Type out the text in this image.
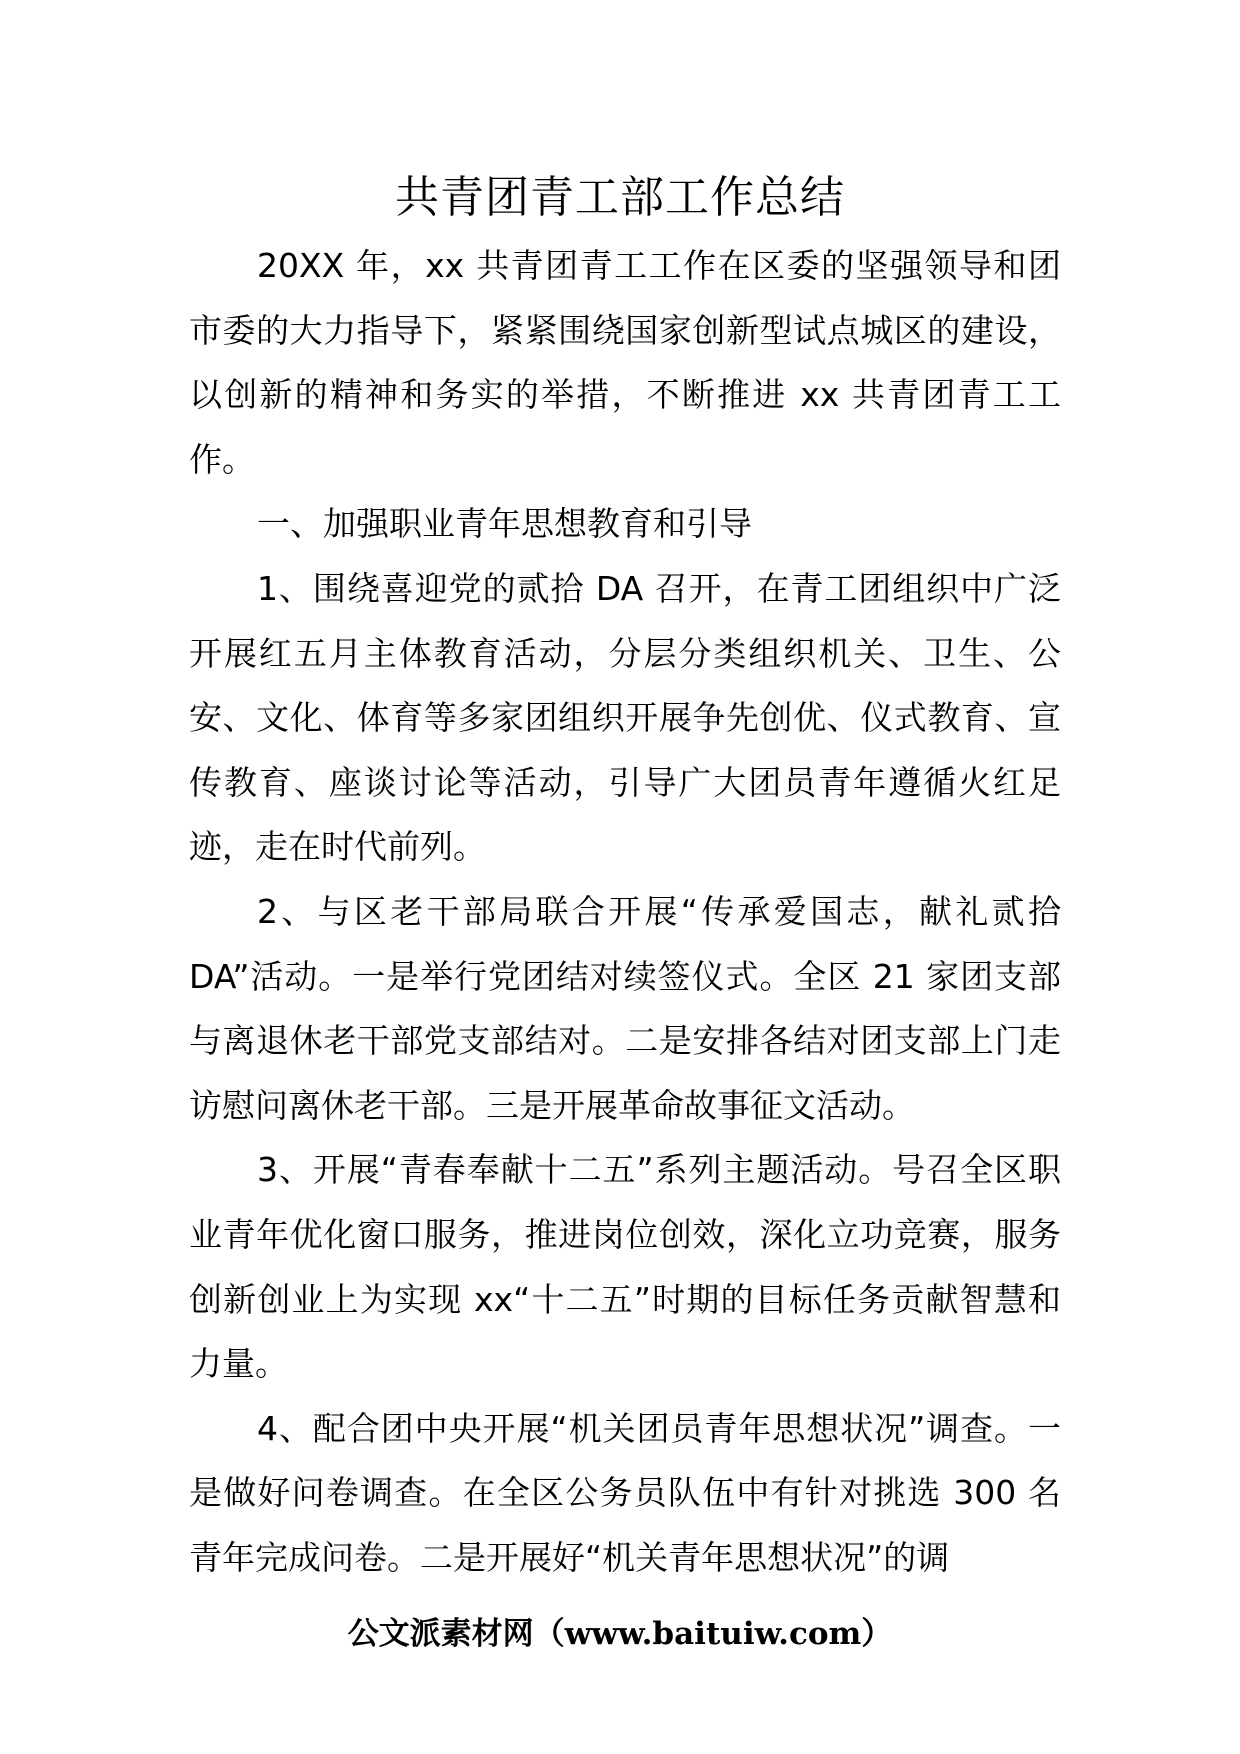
共青团青工部工作总结

20XX 年，xx 共青团青工工作在区委的坚强领导和团市委的大力指导下，紧紧围绕国家创新型试点城区的建设，以创新的精神和务实的举措，不断推进 xx 共青团青工工作。

一、加强职业青年思想教育和引导

1、围绕喜迎党的贰拾 DA 召开，在青工团组织中广泛开展红五月主体教育活动，分层分类组织机关、卫生、公安、文化、体育等多家团组织开展争先创优、仪式教育、宣传教育、座谈讨论等活动，引导广大团员青年遵循火红足迹，走在时代前列。

2、与区老干部局联合开展“传承爱国志，献礼贰拾 DA”活动。一是举行党团结对续签仪式。全区 21 家团支部与离退休老干部党支部结对。二是安排各结对团支部上门走访慰问离休老干部。三是开展革命故事征文活动。

3、开展“青春奉献十二五”系列主题活动。号召全区职业青年优化窗口服务，推进岗位创效，深化立功竞赛，服务创新创业上为实现 xx“十二五”时期的目标任务贡献智慧和力量。

4、配合团中央开展“机关团员青年思想状况”调查。一是做好问卷调查。在全区公务员队伍中有针对挑选 300 名青年完成问卷。二是开展好“机关青年思想状况”的调

公文派素材网（www.baituiw.com）
